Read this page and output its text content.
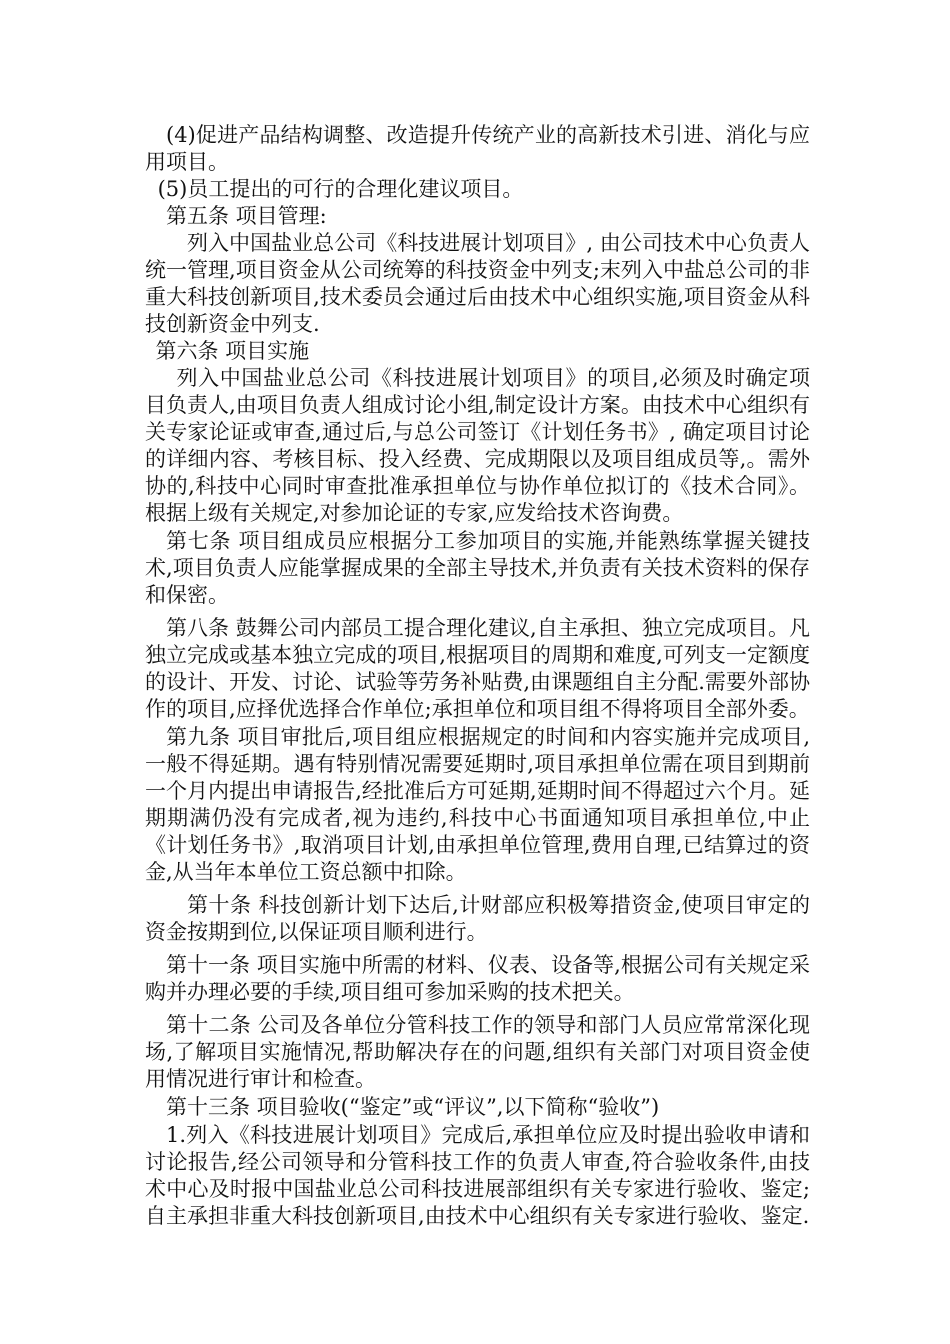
(4)促进产品结构调整、改造提升传统产业的高新技术引进、消化与应用项目。

(5)员工提出的可行的合理化建议项目。

第五条 项目管理:

列入中国盐业总公司《科技进展计划项目》, 由公司技术中心负责人统一管理,项目资金从公司统筹的科技资金中列支;末列入中盐总公司的非重大科技创新项目,技术委员会通过后由技术中心组织实施,项目资金从科技创新资金中列支.

第六条 项目实施

列入中国盐业总公司《科技进展计划项目》的项目,必须及时确定项目负责人,由项目负责人组成讨论小组,制定设计方案。由技术中心组织有关专家论证或审查,通过后,与总公司签订《计划任务书》, 确定项目讨论的详细内容、考核目标、投入经费、完成期限以及项目组成员等,。需外协的,科技中心同时审查批准承担单位与协作单位拟订的《技术合同》。根据上级有关规定,对参加论证的专家,应发给技术咨询费。

第七条 项目组成员应根据分工参加项目的实施,并能熟练掌握关键技术,项目负责人应能掌握成果的全部主导技术,并负责有关技术资料的保存和保密。

第八条 鼓舞公司内部员工提合理化建议,自主承担、独立完成项目。凡独立完成或基本独立完成的项目,根据项目的周期和难度,可列支一定额度的设计、开发、讨论、试验等劳务补贴费,由课题组自主分配.需要外部协作的项目,应择优选择合作单位;承担单位和项目组不得将项目全部外委。

第九条 项目审批后,项目组应根据规定的时间和内容实施并完成项目,一般不得延期。遇有特别情况需要延期时,项目承担单位需在项目到期前一个月内提出申请报告,经批准后方可延期,延期时间不得超过六个月。延期期满仍没有完成者,视为违约,科技中心书面通知项目承担单位,中止《计划任务书》,取消项目计划,由承担单位管理,费用自理,已结算过的资金,从当年本单位工资总额中扣除。

第十条 科技创新计划下达后,计财部应积极筹措资金,使项目审定的资金按期到位,以保证项目顺利进行。

第十一条 项目实施中所需的材料、仪表、设备等,根据公司有关规定采购并办理必要的手续,项目组可参加采购的技术把关。

第十二条 公司及各单位分管科技工作的领导和部门人员应常常深化现场,了解项目实施情况,帮助解决存在的问题,组织有关部门对项目资金使用情况进行审计和检查。

第十三条 项目验收(“鉴定”或“评议”,以下简称“验收”)

1.列入《科技进展计划项目》完成后,承担单位应及时提出验收申请和讨论报告,经公司领导和分管科技工作的负责人审查,符合验收条件,由技术中心及时报中国盐业总公司科技进展部组织有关专家进行验收、鉴定;自主承担非重大科技创新项目,由技术中心组织有关专家进行验收、鉴定.
